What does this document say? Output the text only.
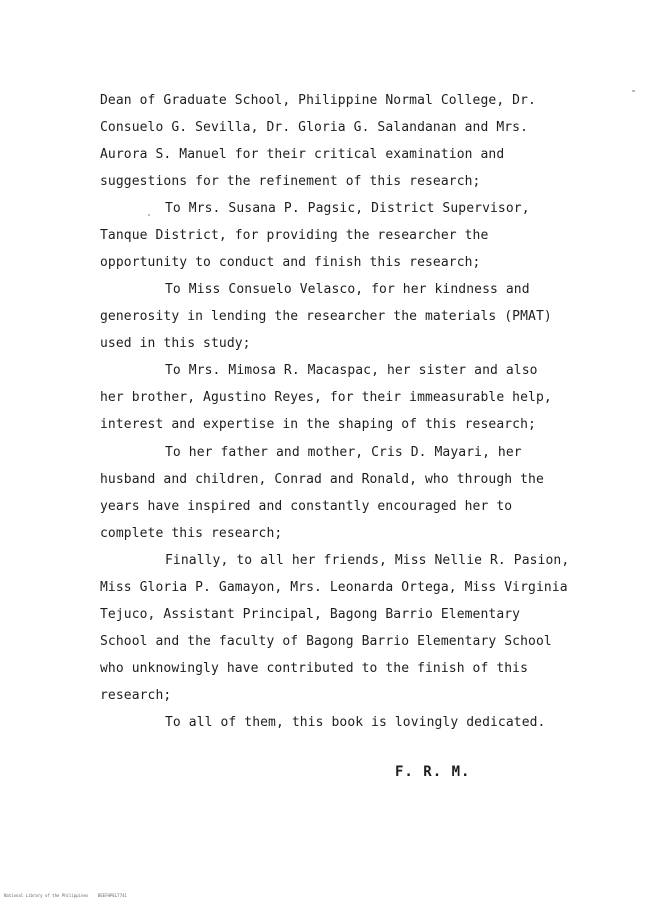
Dean of Graduate School, Philippine Normal College, Dr.
Consuelo G. Sevilla, Dr. Gloria G. Salandanan and Mrs.
Aurora S. Manuel for their critical examination and
suggestions for the refinement of this research;
To Mrs. Susana P. Pagsic, District Supervisor,
Tanque District, for providing the researcher the
opportunity to conduct and finish this research;
To Miss Consuelo Velasco, for her kindness and
generosity in lending the researcher the materials (PMAT)
used in this study;
To Mrs. Mimosa R. Macaspac, her sister and also
her brother, Agustino Reyes, for their immeasurable help,
interest and expertise in the shaping of this research;
To her father and mother, Cris D. Mayari, her
husband and children, Conrad and Ronald, who through the
years have inspired and constantly encouraged her to
complete this research;
Finally, to all her friends, Miss Nellie R. Pasion,
Miss Gloria P. Gamayon, Mrs. Leonarda Ortega, Miss Virginia
Tejuco, Assistant Principal, Bagong Barrio Elementary
School and the faculty of Bagong Barrio Elementary School
who unknowingly have contributed to the finish of this
research;
To all of them, this book is lovingly dedicated.
F. R. M.
National Library of the Philippines    BEEFHPEL7741
